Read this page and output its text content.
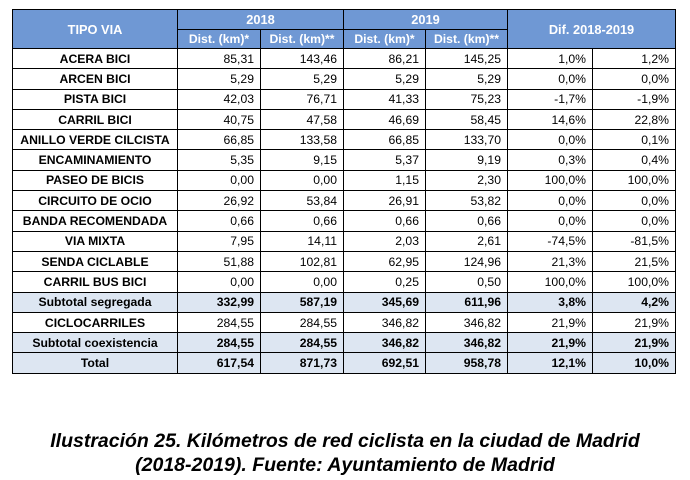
TIPO VIA	2018		2019		Dif. 2018-2019	
	Dist. (km)*	Dist. (km)**	Dist. (km)*	Dist. (km)**		
ACERA BICI	85,31	143,46	86,21	145,25	1,0%	1,2%
ARCEN BICI	5,29	5,29	5,29	5,29	0,0%	0,0%
PISTA BICI	42,03	76,71	41,33	75,23	-1,7%	-1,9%
CARRIL BICI	40,75	47,58	46,69	58,45	14,6%	22,8%
ANILLO VERDE CILCISTA	66,85	133,58	66,85	133,70	0,0%	0,1%
ENCAMINAMIENTO	5,35	9,15	5,37	9,19	0,3%	0,4%
PASEO DE BICIS	0,00	0,00	1,15	2,30	100,0%	100,0%
CIRCUITO DE OCIO	26,92	53,84	26,91	53,82	0,0%	0,0%
BANDA RECOMENDADA	0,66	0,66	0,66	0,66	0,0%	0,0%
VIA MIXTA	7,95	14,11	2,03	2,61	-74,5%	-81,5%
SENDA CICLABLE	51,88	102,81	62,95	124,96	21,3%	21,5%
CARRIL BUS BICI	0,00	0,00	0,25	0,50	100,0%	100,0%
Subtotal segregada	332,99	587,19	345,69	611,96	3,8%	4,2%
CICLOCARRILES	284,55	284,55	346,82	346,82	21,9%	21,9%
Subtotal coexistencia	284,55	284,55	346,82	346,82	21,9%	21,9%
Total	617,54	871,73	692,51	958,78	12,1%	10,0%
Ilustración 25. Kilómetros de red ciclista en la ciudad de Madrid
(2018-2019). Fuente: Ayuntamiento de Madrid
